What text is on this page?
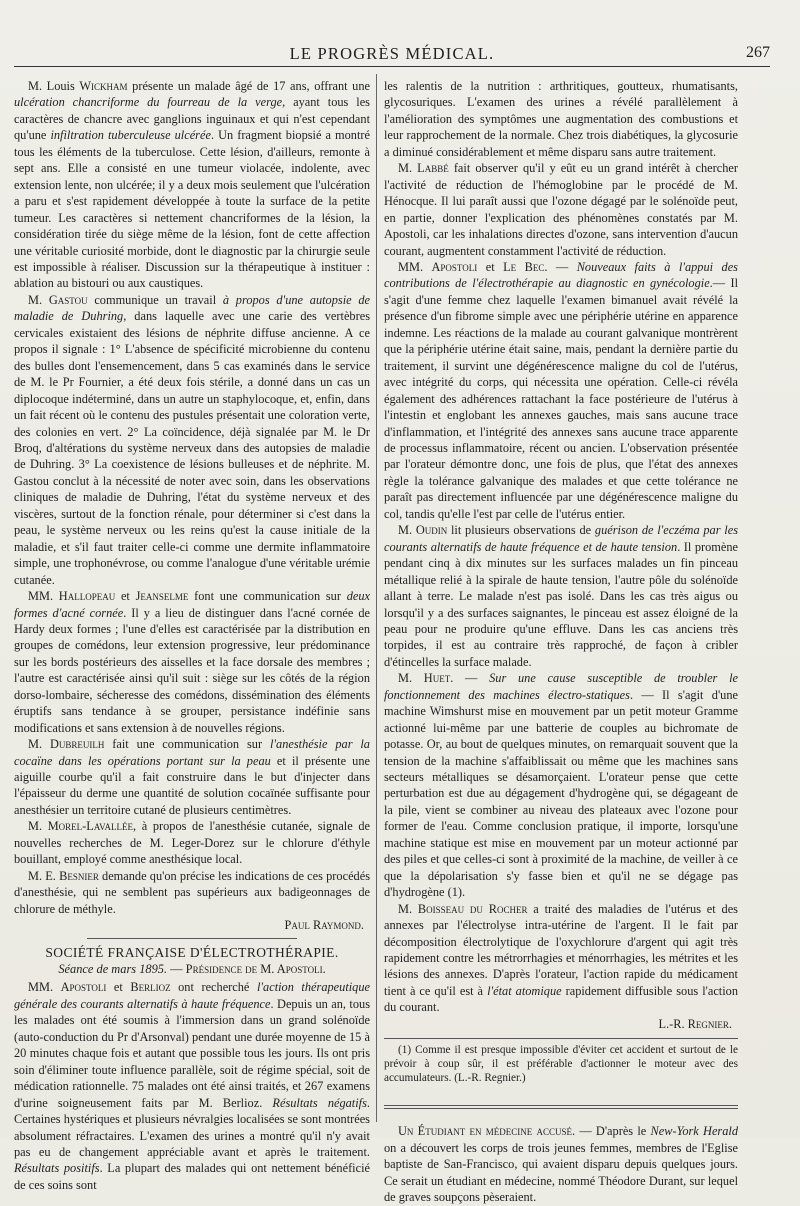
LE PROGRÈS MÉDICAL.	267

M. Louis Wickham présente un malade âgé de 17 ans, offrant une ulcération chancriforme du fourreau de la verge, ayant tous les caractères de chancre avec ganglions inguinaux et qui n'est cependant qu'une infiltration tuberculeuse ulcérée. Un fragment biopsié a montré tous les éléments de la tuberculose. Cette lésion, d'ailleurs, remonte à sept ans. Elle a consisté en une tumeur violacée, indolente, avec extension lente, non ulcérée; il y a deux mois seulement que l'ulcération a paru et s'est rapidement développée à toute la surface de la petite tumeur. Les caractères si nettement chancriformes de la lésion, la considération tirée du siège même de la lésion, font de cette affection une véritable curiosité morbide, dont le diagnostic par la chirurgie seule est impossible à réaliser. Discussion sur la thérapeutique à instituer : ablation au bistouri ou aux caustiques.

M. Gastou communique un travail à propos d'une autopsie de maladie de Duhring, dans laquelle avec une carie des vertèbres cervicales existaient des lésions de néphrite diffuse ancienne. A ce propos il signale : 1° L'absence de spécificité microbienne du contenu des bulles dont l'ensemencement, dans 5 cas examinés dans le service de M. le Pr Fournier, a été deux fois stérile, a donné dans un cas un diplocoque indéterminé, dans un autre un staphylocoque, et, enfin, dans un fait récent où le contenu des pustules présentait une coloration verte, des colonies en vert. 2° La coïncidence, déjà signalée par M. le Dr Broq, d'altérations du système nerveux dans des autopsies de maladie de Duhring. 3° La coexistence de lésions bulleuses et de néphrite. M. Gastou conclut à la nécessité de noter avec soin, dans les observations cliniques de maladie de Duhring, l'état du système nerveux et des viscères, surtout de la fonction rénale, pour déterminer si c'est dans la peau, le système nerveux ou les reins qu'est la cause initiale de la maladie, et s'il faut traiter celle-ci comme une dermite inflammatoire simple, une trophonévrose, ou comme l'analogue d'une véritable urémie cutanée.

MM. Hallopeau et Jeanselme font une communication sur deux formes d'acné cornée. Il y a lieu de distinguer dans l'acné cornée de Hardy deux formes ; l'une d'elles est caractérisée par la distribution en groupes de comédons, leur extension progressive, leur prédominance sur les bords postérieurs des aisselles et la face dorsale des membres ; l'autre est caractérisée ainsi qu'il suit : siège sur les côtés de la région dorso-lombaire, sécheresse des comédons, dissémination des éléments éruptifs sans tendance à se grouper, persistance indéfinie sans modifications et sans extension à de nouvelles régions.

M. Dubreuilh fait une communication sur l'anesthésie par la cocaïne dans les opérations portant sur la peau et il présente une aiguille courbe qu'il a fait construire dans le but d'injecter dans l'épaisseur du derme une quantité de solution cocaïnée suffisante pour anesthésier un territoire cutané de plusieurs centimètres.

M. Morel-Lavallée, à propos de l'anesthésie cutanée, signale de nouvelles recherches de M. Leger-Dorez sur le chlorure d'éthyle bouillant, employé comme anesthésique local.

M. E. Besnier demande qu'on précise les indications de ces procédés d'anesthésie, qui ne semblent pas supérieurs aux badigeonnages de chlorure de méthyle.

Paul Raymond.

SOCIÉTÉ FRANÇAISE D'ÉLECTROTHÉRAPIE.

Séance de mars 1895. — Présidence de M. Apostoli.

MM. Apostoli et Berlioz ont recherché l'action thérapeutique générale des courants alternatifs à haute fréquence. Depuis un an, tous les malades ont été soumis à l'immersion dans un grand solénoïde (auto-conduction du Pr d'Arsonval) pendant une durée moyenne de 15 à 20 minutes chaque fois et autant que possible tous les jours. Ils ont pris soin d'éliminer toute influence parallèle, soit de régime spécial, soit de médication rationnelle. 75 malades ont été ainsi traités, et 267 examens d'urine soigneusement faits par M. Berlioz. Résultats négatifs. Certaines hystériques et plusieurs névralgies localisées se sont montrées absolument réfractaires. L'examen des urines a montré qu'il n'y avait pas eu de changement appréciable avant et après le traitement. Résultats positifs. La plupart des malades qui ont nettement bénéficié de ces soins sont

les ralentis de la nutrition : arthritiques, goutteux, rhumatisants, glycosuriques. L'examen des urines a révélé parallèlement à l'amélioration des symptômes une augmentation des combustions et leur rapprochement de la normale. Chez trois diabétiques, la glycosurie a diminué considérablement et même disparu sans autre traitement.

M. Labbé fait observer qu'il y eût eu un grand intérêt à chercher l'activité de réduction de l'hémoglobine par le procédé de M. Hénocque. Il lui paraît aussi que l'ozone dégagé par le solénoïde peut, en partie, donner l'explication des phénomènes constatés par M. Apostoli, car les inhalations directes d'ozone, sans intervention d'aucun courant, augmentent constamment l'activité de réduction.

MM. Apostoli et Le Bec. — Nouveaux faits à l'appui des contributions de l'électrothérapie au diagnostic en gynécologie.— Il s'agit d'une femme chez laquelle l'examen bimanuel avait révélé la présence d'un fibrome simple avec une périphérie utérine en apparence indemne. Les réactions de la malade au courant galvanique montrèrent que la périphérie utérine était saine, mais, pendant la dernière partie du traitement, il survint une dégénérescence maligne du col de l'utérus, avec intégrité du corps, qui nécessita une opération. Celle-ci révéla également des adhérences rattachant la face postérieure de l'utérus à l'intestin et englobant les annexes gauches, mais sans aucune trace d'inflammation, et l'intégrité des annexes sans aucune trace apparente de processus inflammatoire, récent ou ancien. L'observation présentée par l'orateur démontre donc, une fois de plus, que l'état des annexes règle la tolérance galvanique des malades et que cette tolérance ne paraît pas directement influencée par une dégénérescence maligne du col, tandis qu'elle l'est par celle de l'utérus entier.

M. Oudin lit plusieurs observations de guérison de l'eczéma par les courants alternatifs de haute fréquence et de haute tension. Il promène pendant cinq à dix minutes sur les surfaces malades un fin pinceau métallique relié à la spirale de haute tension, l'autre pôle du solénoïde allant à terre. Le malade n'est pas isolé. Dans les cas très aigus ou lorsqu'il y a des surfaces saignantes, le pinceau est assez éloigné de la peau pour ne produire qu'une effluve. Dans les cas anciens très torpides, il est au contraire très rapproché, de façon à cribler d'étincelles la surface malade.

M. Huet. — Sur une cause susceptible de troubler le fonctionnement des machines électro-statiques. — Il s'agit d'une machine Wimshurst mise en mouvement par un petit moteur Gramme actionné lui-même par une batterie de couples au bichromate de potasse. Or, au bout de quelques minutes, on remarquait souvent que la tension de la machine s'affaiblissait ou même que les machines sans secteurs métalliques se désamorçaient. L'orateur pense que cette perturbation est due au dégagement d'hydrogène qui, se dégageant de la pile, vient se combiner au niveau des plateaux avec l'ozone pour former de l'eau. Comme conclusion pratique, il importe, lorsqu'une machine statique est mise en mouvement par un moteur actionné par des piles et que celles-ci sont à proximité de la machine, de veiller à ce que la dépolarisation s'y fasse bien et qu'il ne se dégage pas d'hydrogène (1).

M. Boisseau du Rocher a traité des maladies de l'utérus et des annexes par l'électrolyse intra-utérine de l'argent. Il le fait par décomposition électrolytique de l'oxychlorure d'argent qui agit très rapidement contre les métrorrhagies et ménorrhagies, les métrites et les lésions des annexes. D'après l'orateur, l'action rapide du médicament tient à ce qu'il est à l'état atomique rapidement diffusible sous l'action du courant.

L.-R. Regnier.

(1) Comme il est presque impossible d'éviter cet accident et surtout de le prévoir à coup sûr, il est préférable d'actionner le moteur avec des accumulateurs. (L.-R. Regnier.)

Un Étudiant en médecine accusé. — D'après le New-York Herald on a découvert les corps de trois jeunes femmes, membres de l'Eglise baptiste de San-Francisco, qui avaient disparu depuis quelques jours. Ce serait un étudiant en médecine, nommé Théodore Durant, sur lequel de graves soupçons pèseraient.
